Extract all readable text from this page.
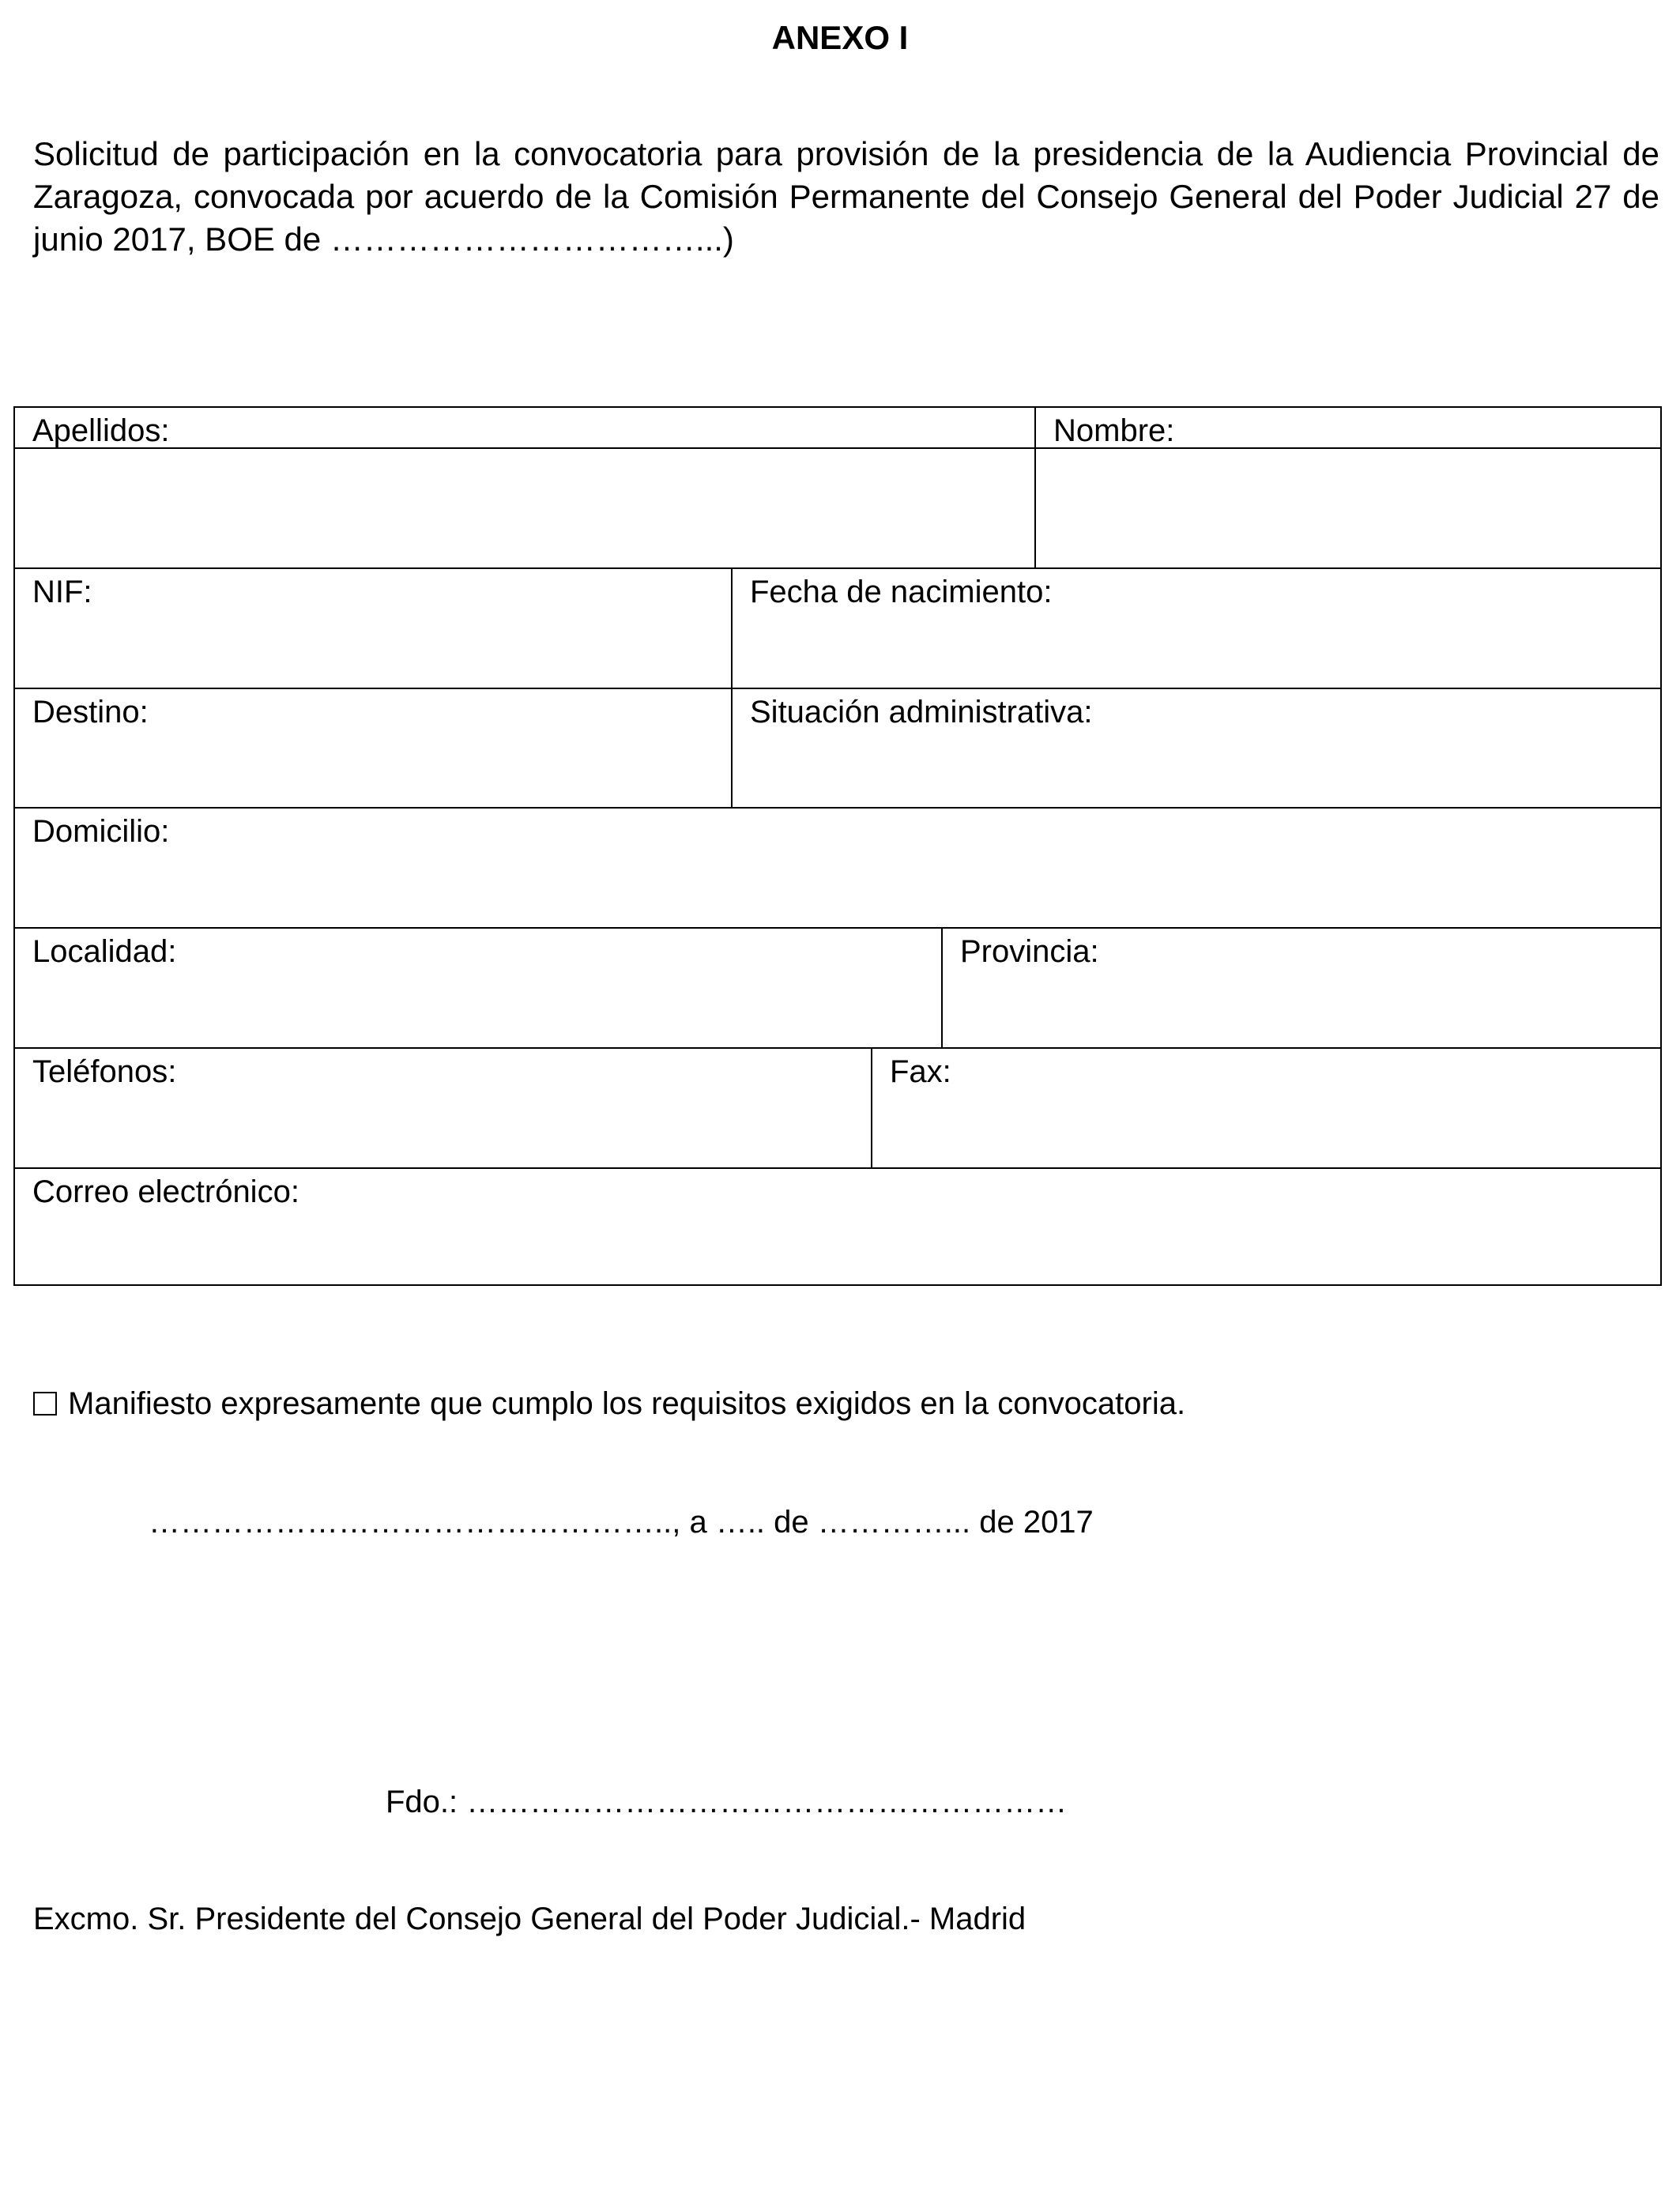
ANEXO I
Solicitud de participación en la convocatoria para provisión de la presidencia de la Audiencia Provincial de Zaragoza, convocada por acuerdo de la Comisión Permanente del Consejo General del Poder Judicial 27 de junio 2017, BOE de ……………………………...)
Apellidos:	Nombre:
NIF:	Fecha de nacimiento:
Destino:	Situación administrativa:
Domicilio:
Localidad:	Provincia:
Teléfonos:	Fax:
Correo electrónico:
Manifiesto expresamente que cumplo los requisitos exigidos en la convocatoria.
………………………………………….., a ….. de …………... de 2017
Fdo.: …………………………………………………
Excmo. Sr. Presidente del Consejo General del Poder Judicial.- Madrid
